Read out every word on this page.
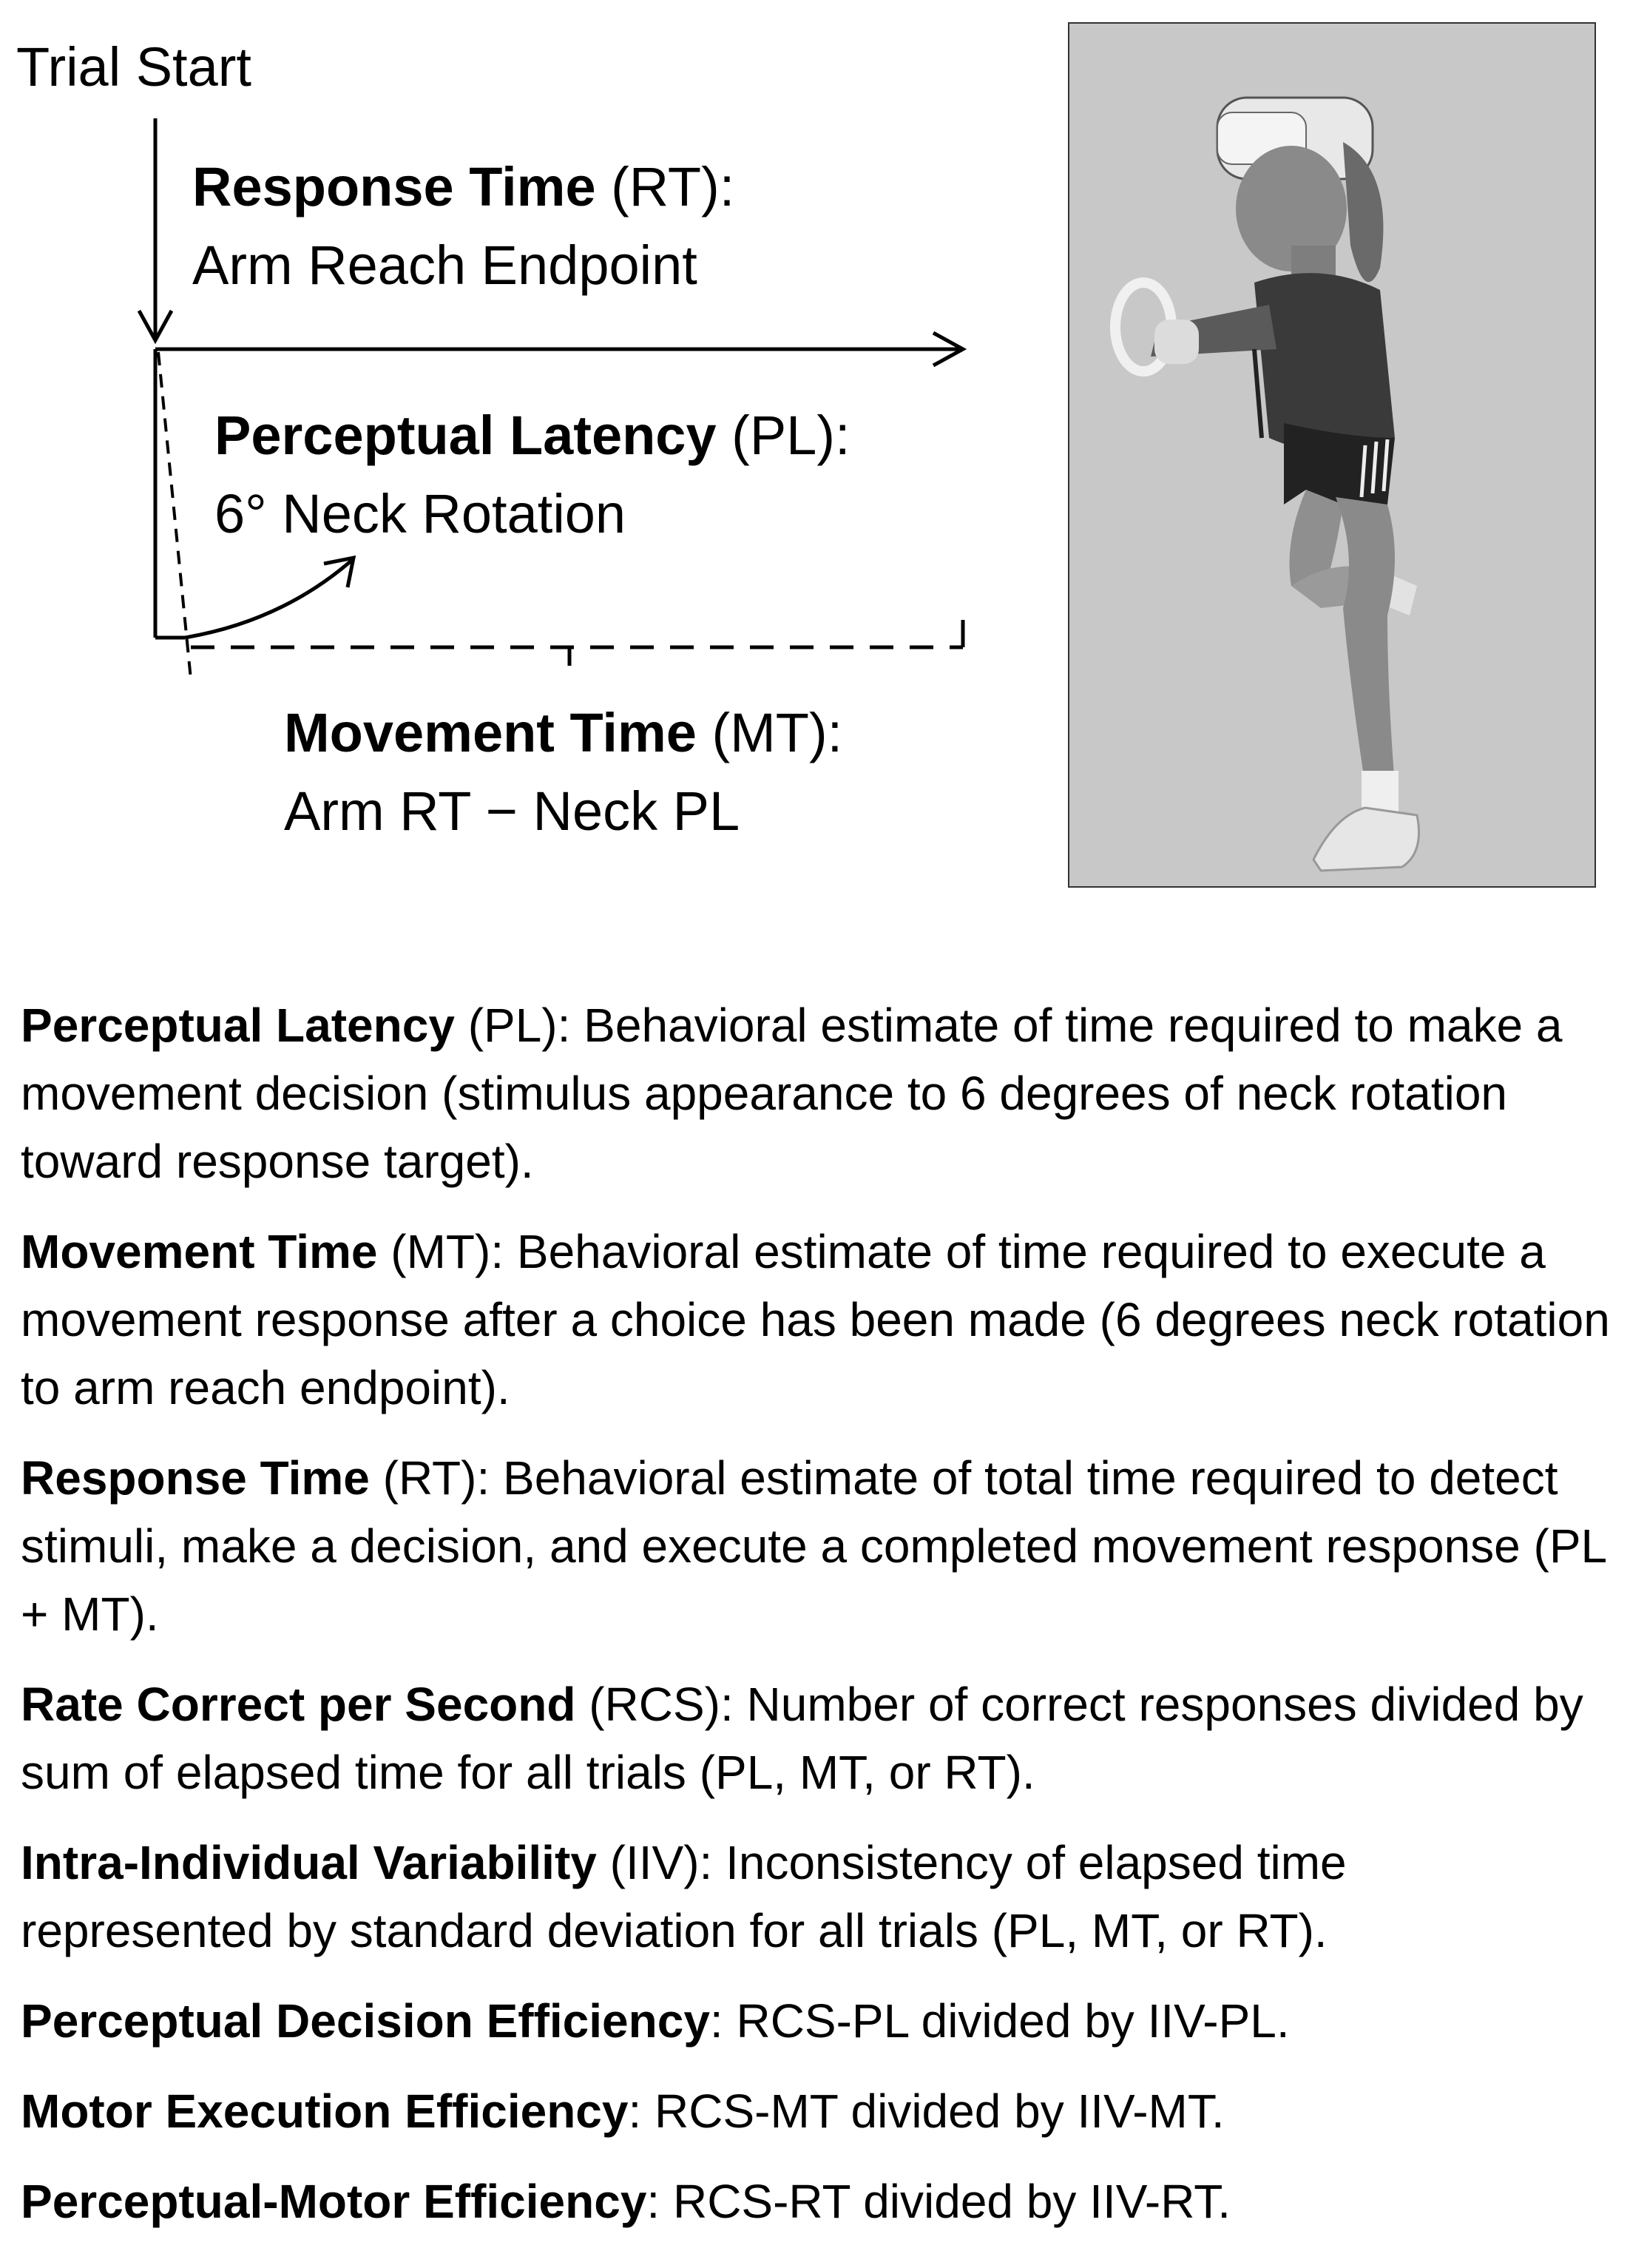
Trial Start

Response Time (RT):

Arm Reach Endpoint

Perceptual Latency (PL):

6° Neck Rotation

Movement Time (MT):

Arm RT − Neck PL

Perceptual Latency (PL): Behavioral estimate of time required to make a movement decision (stimulus appearance to 6 degrees of neck rotation toward response target).

Movement Time (MT): Behavioral estimate of time required to execute a movement response after a choice has been made (6 degrees neck rotation to arm reach endpoint).

Response Time (RT): Behavioral estimate of total time required to detect stimuli, make a decision, and execute a completed movement response (PL + MT).

Rate Correct per Second (RCS): Number of correct responses divided by sum of elapsed time for all trials (PL, MT, or RT).

Intra-Individual Variability (IIV): Inconsistency of elapsed time represented by standard deviation for all trials (PL, MT, or RT).

Perceptual Decision Efficiency: RCS-PL divided by IIV-PL.

Motor Execution Efficiency: RCS-MT divided by IIV-MT.

Perceptual-Motor Efficiency: RCS-RT divided by IIV-RT.
